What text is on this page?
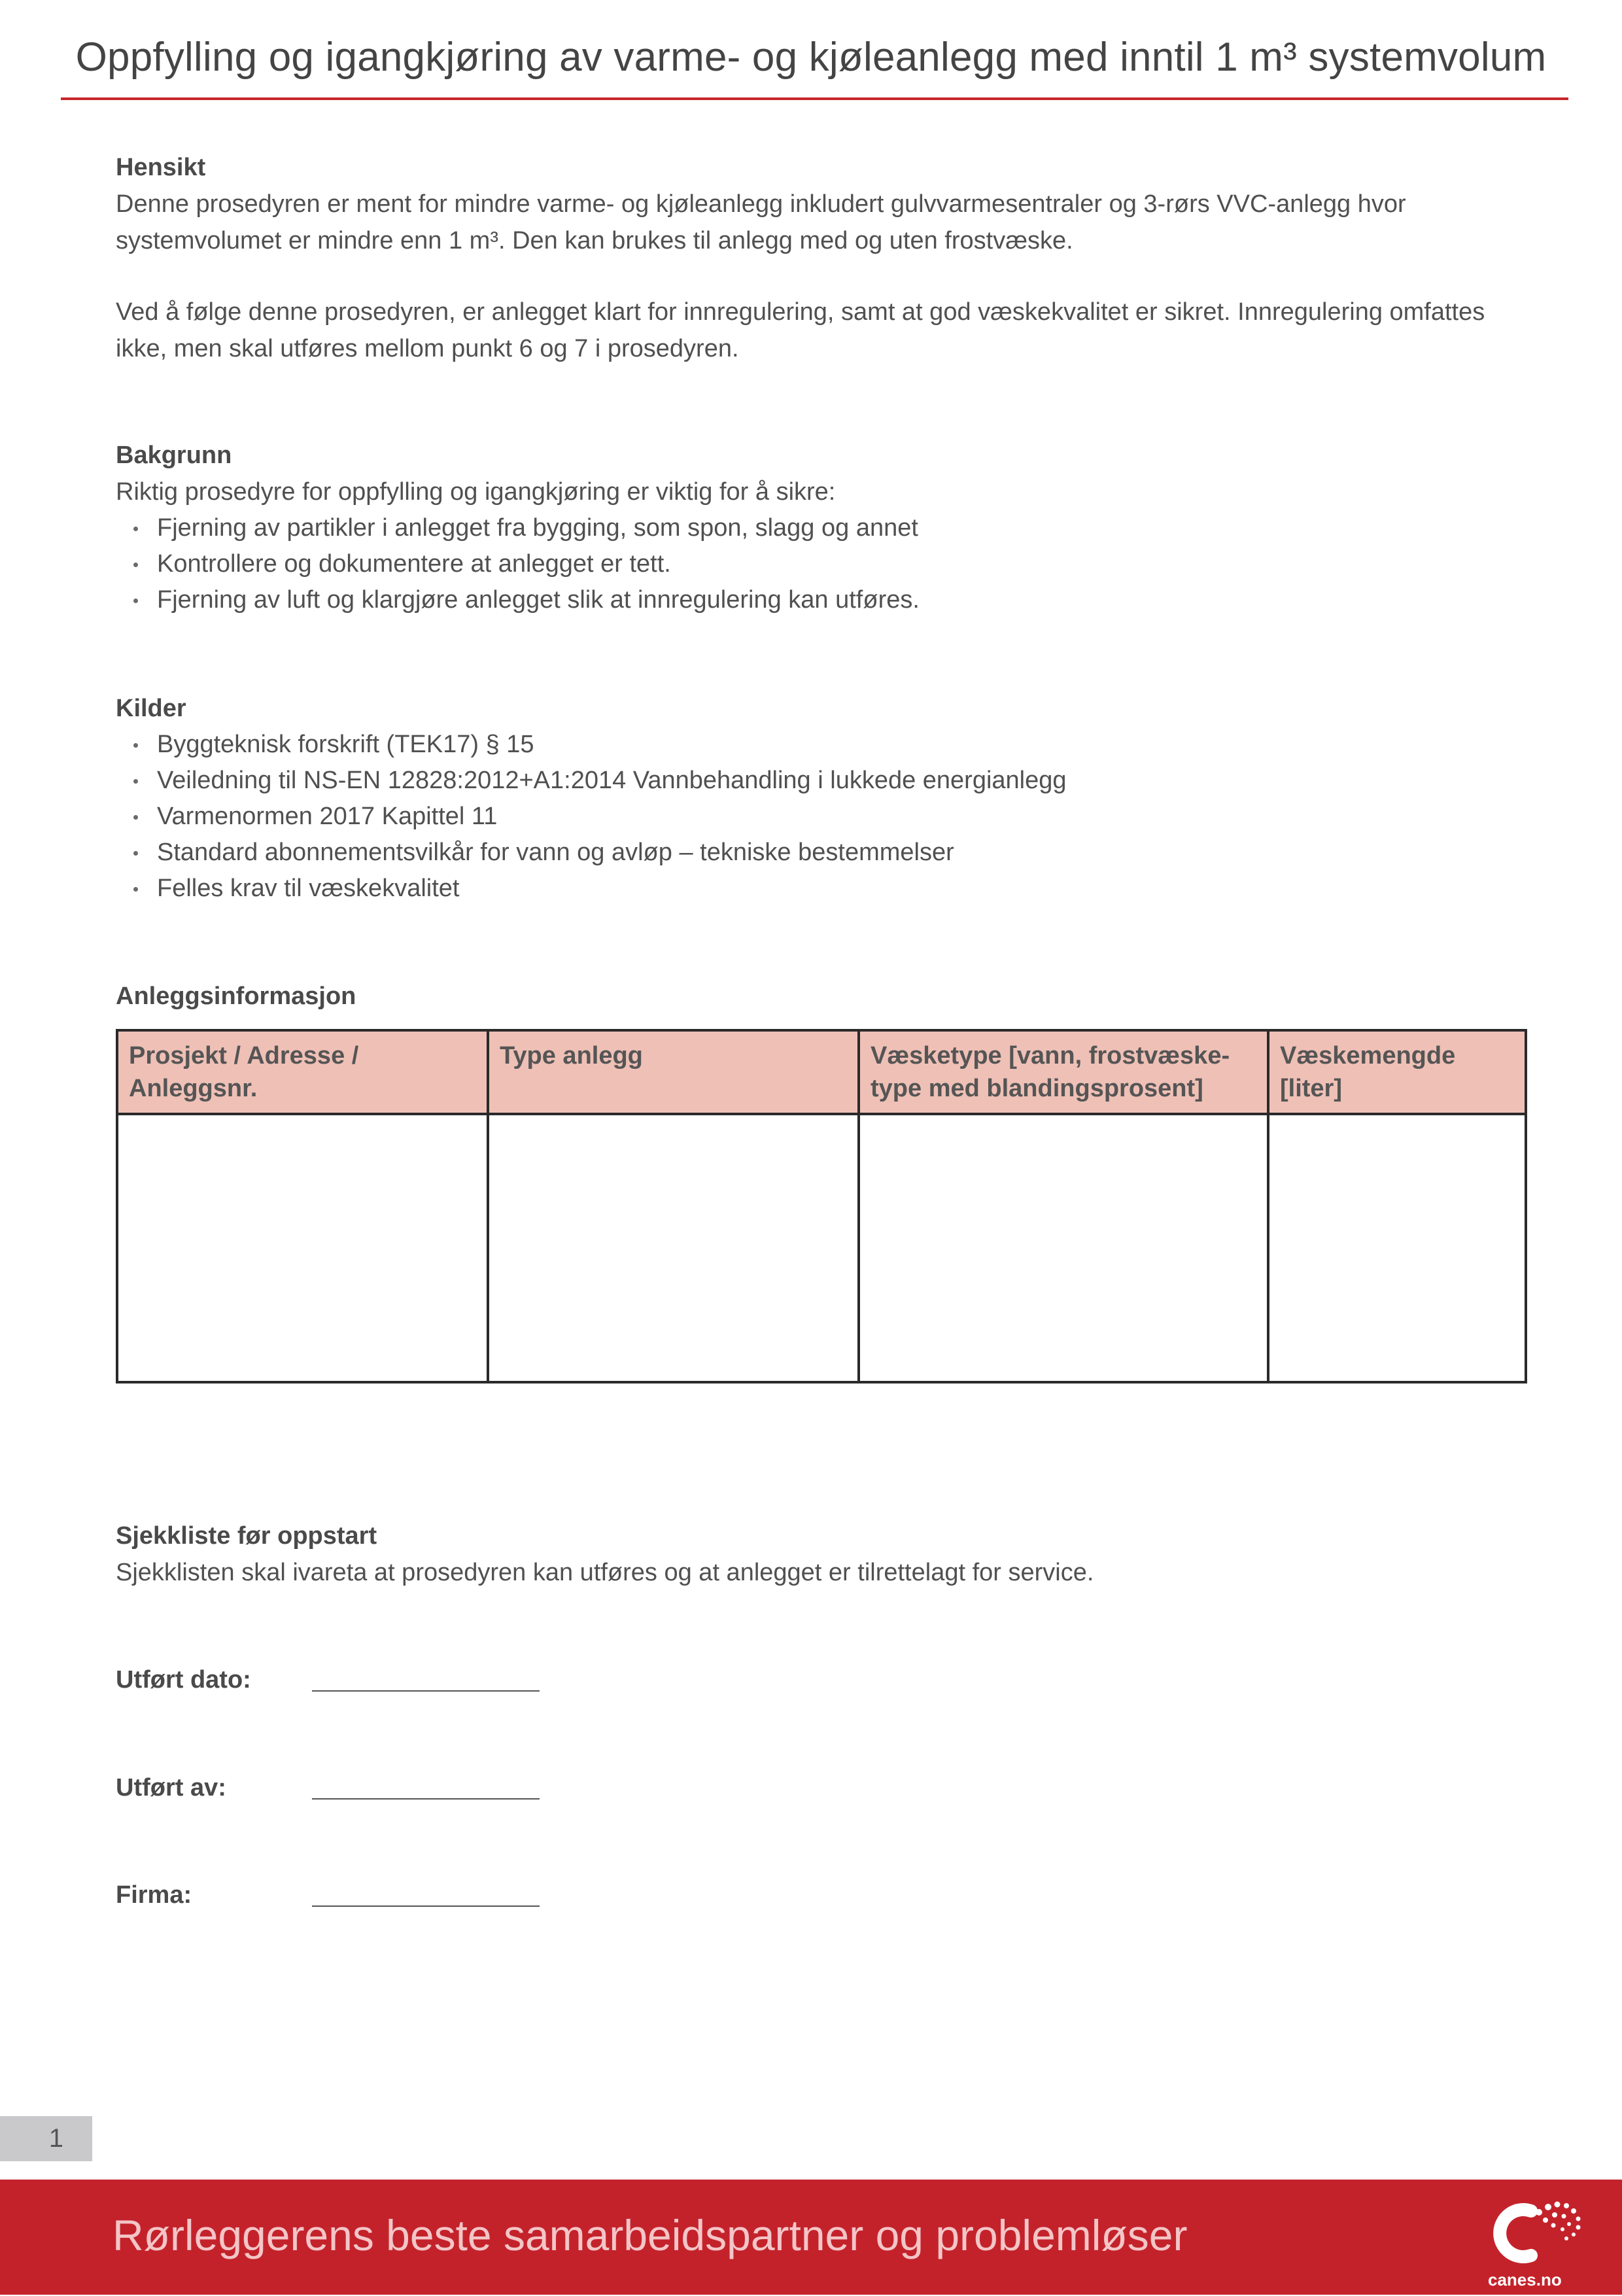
Oppfylling og igangkjøring av varme- og kjøleanlegg med inntil 1 m³ systemvolum

Hensikt

Denne prosedyren er ment for mindre varme- og kjøleanlegg inkludert gulvvarmesentraler og 3-rørs VVC-anlegg hvor systemvolumet er mindre enn 1 m³. Den kan brukes til anlegg med og uten frostvæske.

Ved å følge denne prosedyren, er anlegget klart for innregulering, samt at god væskekvalitet er sikret. Innregulering omfattes ikke, men skal utføres mellom punkt 6 og 7 i prosedyren.

Bakgrunn

Riktig prosedyre for oppfylling og igangkjøring er viktig for å sikre:

Fjerning av partikler i anlegget fra bygging, som spon, slagg og annet
Kontrollere og dokumentere at anlegget er tett.
Fjerning av luft og klargjøre anlegget slik at innregulering kan utføres.

Kilder

Byggteknisk forskrift (TEK17) § 15
Veiledning til NS-EN 12828:2012+A1:2014 Vannbehandling i lukkede energianlegg
Varmenormen 2017 Kapittel 11
Standard abonnementsvilkår for vann og avløp – tekniske bestemmelser
Felles krav til væskekvalitet

Anleggsinformasjon

Prosjekt / Adresse / Anleggsnr.	Type anlegg	Væsketype [vann, frostvæske-type med blandingsprosent]	Væskemengde [liter]

Sjekkliste før oppstart

Sjekklisten skal ivareta at prosedyren kan utføres og at anlegget er tilrettelagt for service.

Utført dato:
Utført av:
Firma:
1
Rørleggerens beste samarbeidspartner og problemløser
canes.no
